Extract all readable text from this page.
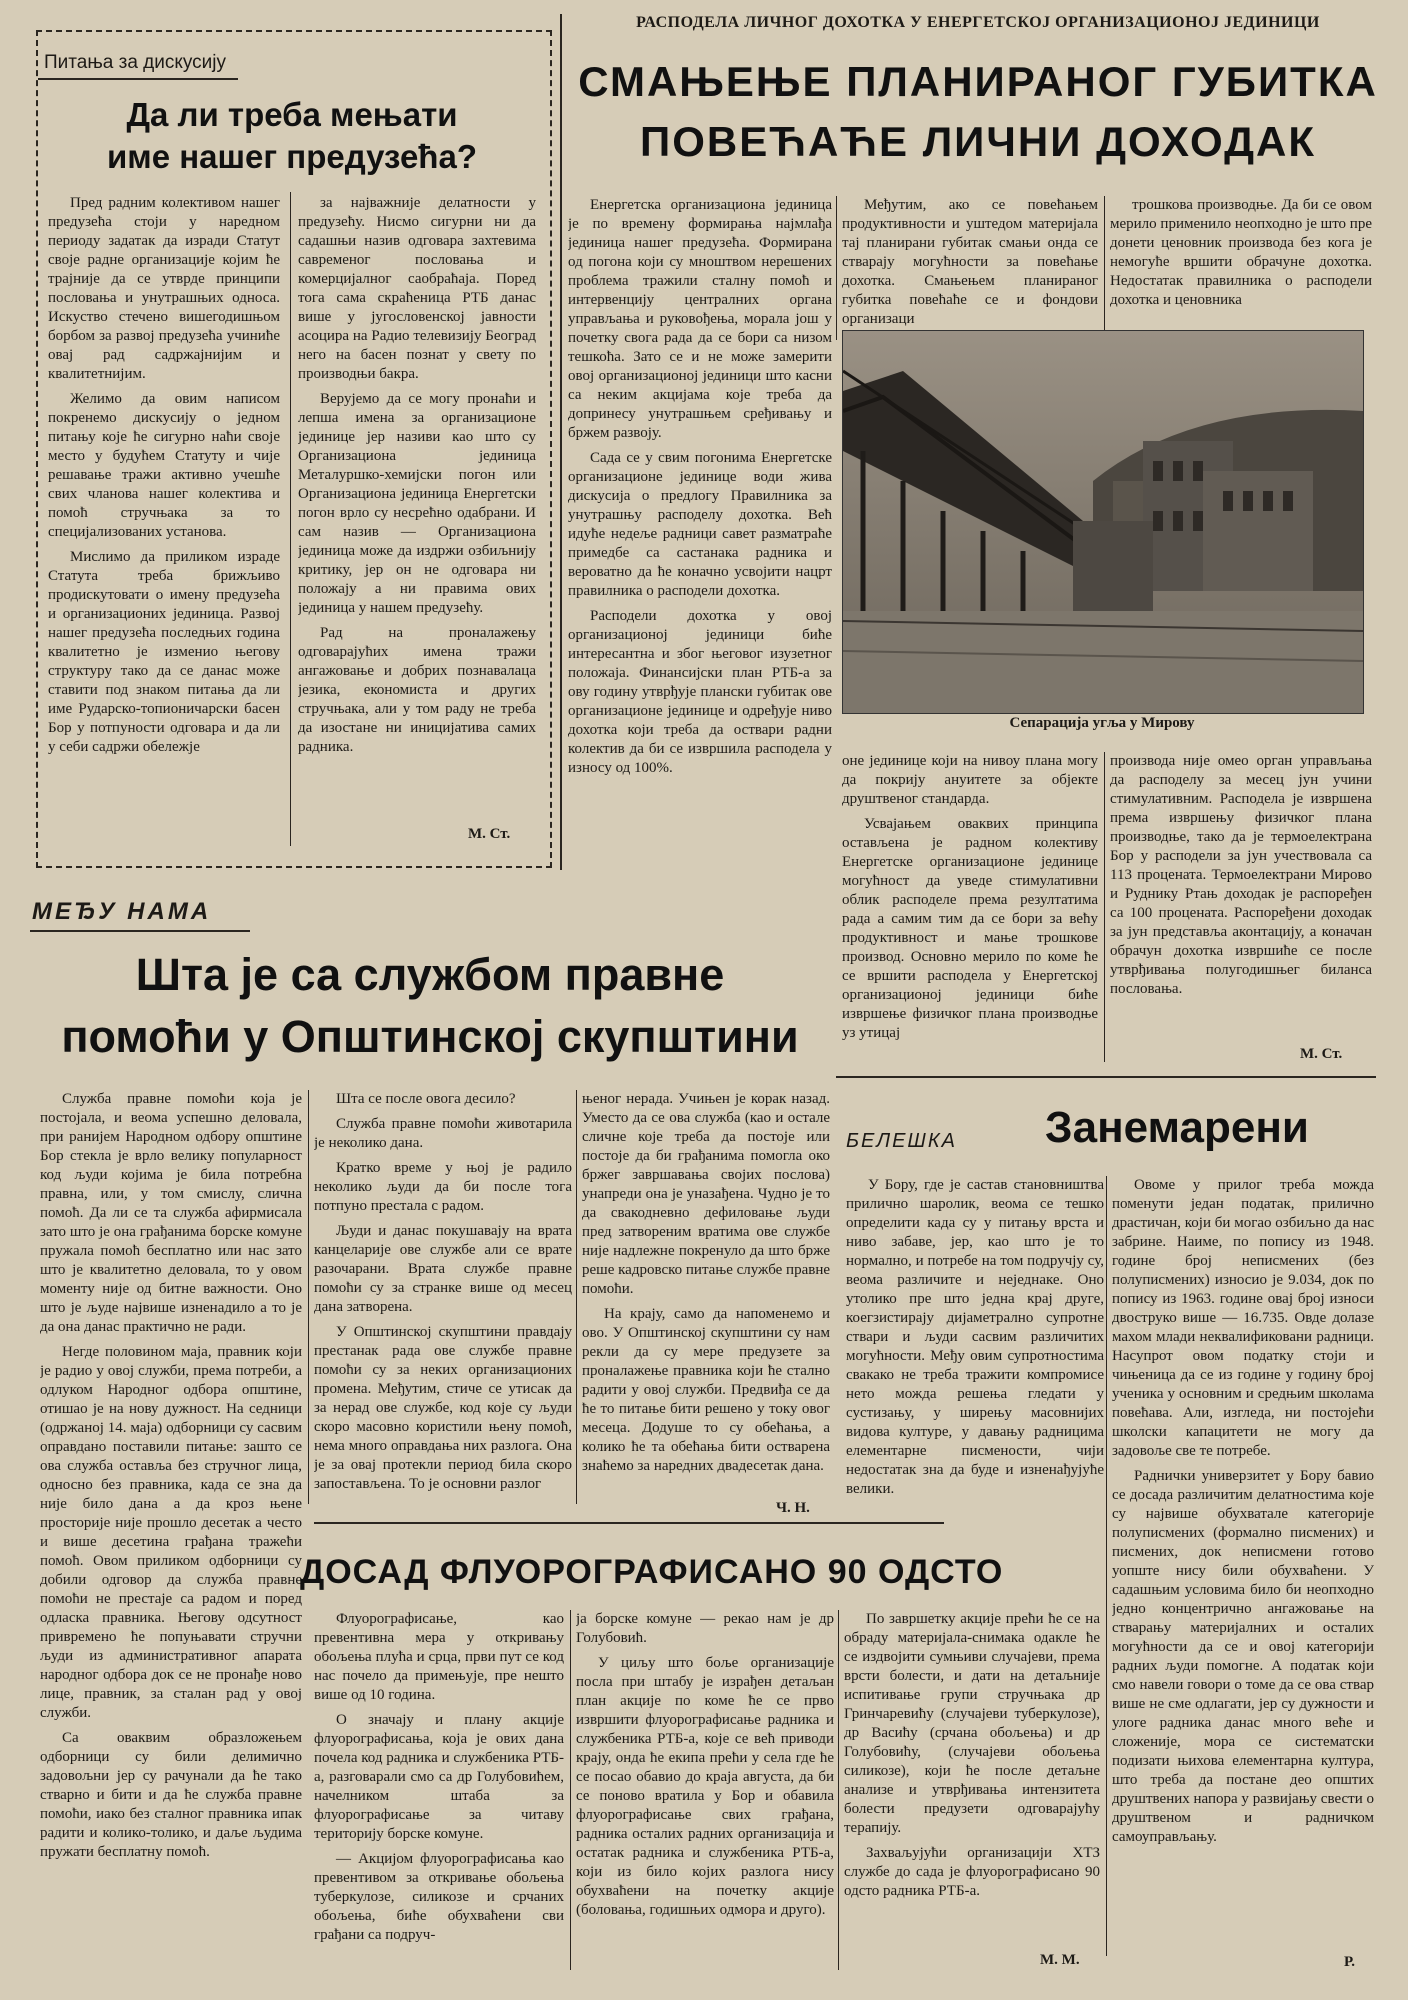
Питања за дискусију
Да ли треба мењати
име нашег предузећа?

Пред радним колективом нашег предузећа стоји у наредном периоду задатак да изради Статут своје радне организације којим ће трајније да се утврде принципи пословања и унутрашњих односа. Искуство стечено вишегодишњом борбом за развој предузећа учиниће овај рад садржајнијим и квалитетнијим.

Желимо да овим написом покренемо дискусију о једном питању које ће сигурно наћи своје место у будућем Статуту и чије решавање тражи активно учешће свих чланова нашег колектива и помоћ стручњака за то специјализованих установа.

Мислимо да приликом израде Статута треба брижљиво продискутовати о имену предузећа и организационих јединица. Развој нашег предузећа последњих година квалитетно је изменио његову структуру тако да се данас може ставити под знаком питања да ли име Рударско-топионичарски басен Бор у потпуности одговара и да ли у себи садржи обележје

за најважније делатности у предузећу. Нисмо сигурни ни да садашњи назив одговара захтевима савременог пословања и комерцијалног саобраћаја. Поред тога сама скраћеница РТБ данас више у југословенској јавности асоцира на Радио телевизију Београд него на басен познат у свету по производњи бакра.

Верујемо да се могу пронаћи и лепша имена за организационе јединице јер називи као што су Организациона јединица Металуршко-хемијски погон или Организациона јединица Енергетски погон врло су несрећно одабрани. И сам назив — Организациона јединица може да издржи озбиљнију критику, јер он не одговара ни положају а ни правима ових јединица у нашем предузећу.

Рад на проналажењу одговарајућих имена тражи ангажовање и добрих познавалаца језика, економиста и других стручњака, али у том раду не треба да изостане ни иницијатива самих радника.

М. Ст.
РАСПОДЕЛА ЛИЧНОГ ДОХОТКА У ЕНЕРГЕТСКОЈ ОРГАНИЗАЦИОНОЈ ЈЕДИНИЦИ
СМАЊЕЊЕ ПЛАНИРАНОГ ГУБИТКА
ПОВЕЋАЋЕ ЛИЧНИ ДОХОДАК

Енергетска организациона јединица је по времену формирања најмлађа јединица нашег предузећа. Формирана од погона који су мноштвом нерешених проблема тражили сталну помоћ и интервенцију централних органа управљања и руковођења, морала још у почетку свога рада да се бори са низом тешкоћа. Зато се и не може замерити овој организационој јединици што касни са неким акцијама које треба да допринесу унутрашњем сређивању и бржем развоју.

Сада се у свим погонима Енергетске организационе јединице води жива дискусија о предлогу Правилника за унутрашњу расподелу дохотка. Већ идуће недеље радници савет разматраће примедбе са састанака радника и вероватно да ће коначно усвојити нацрт правилника о расподели дохотка.

Расподели дохотка у овој организационој јединици биће интересантна и због његовог изузетног положаја. Финансијски план РТБ-а за ову годину утврђује плански губитак ове организационе јединице и одређује ниво дохотка који треба да оствари радни колектив да би се извршила расподела у износу од 100%.

Међутим, ако се повећањем продуктивности и уштедом материјала тај планирани губитак смањи онда се стварају могућности за повећање дохотка. Смањењем планираног губитка повећаће се и фондови организаци

трошкова производње. Да би се овом мерило применило неопходно је што пре донети ценовник производа без кога је немогуће вршити обрачуне дохотка. Недостатак правилника о расподели дохотка и ценовника

Сепарација угља у Мирову

оне јединице који на нивоу плана могу да покрију ануитете за објекте друштвеног стандарда.

Усвајањем оваквих принципа остављена је радном колективу Енергетске организационе јединице могућност да уведе стимулативни облик расподеле према резултатима рада а самим тим да се бори за већу продуктивност и мање трошкове производ. Основно мерило по коме ће се вршити расподела у Енергетској организационој јединици биће извршење физичког плана производње уз утицај

производа није омео орган управљања да расподелу за месец јун учини стимулативним. Расподела је извршена према извршењу физичког плана производње, тако да је термоелектрана Бор у расподели за јун учествовала са 113 процената. Термоелектрани Мирово и Руднику Ртањ доходак је распоређен са 100 процената. Распоређени доходак за јун представља аконтацију, а коначан обрачун дохотка извршиће се после утврђивања полугодишњег биланса пословања.

М. Ст.
МЕЂУ НАМА
Шта је са службом правне
помоћи у Општинској скупштини

Служба правне помоћи која је постојала, и веома успешно деловала, при ранијем Народном одбору општине Бор стекла је врло велику популарност код људи којима је била потребна правна, или, у том смислу, слична помоћ. Да ли се та служба афирмисала зато што је она грађанима борске комуне пружала помоћ бесплатно или нас зато што је квалитетно деловала, то у овом моменту није од битне важности. Оно што је људе највише изненадило а то је да она данас практично не ради.

Негде половином маја, правник који је радио у овој служби, према потреби, а одлуком Народног одбора општине, отишао је на нову дужност. На седници (одржаној 14. маја) одборници су сасвим оправдано поставили питање: зашто се ова служба оставља без стручног лица, односно без правника, када се зна да није било дана а да кроз њене просторије није прошло десетак а често и више десетина грађана тражећи помоћ. Овом приликом одборници су добили одговор да служба правне помоћи не престаје са радом и поред одласка правника. Његову одсутност привремено ће попуњавати стручни људи из административног апарата народног одбора док се не пронађе ново лице, правник, за сталан рад у овој служби.

Са оваквим образложењем одборници су били делимично задовољни јер су рачунали да ће тако стварно и бити и да ће служба правне помоћи, иако без сталног правника ипак радити и колико-толико, и даље људима пружати бесплатну помоћ.

Шта се после овога десило?

Служба правне помоћи животарила је неколико дана.

Кратко време у њој је радило неколико људи да би после тога потпуно престала с радом.

Људи и данас покушавају на врата канцеларије ове службе али се врате разочарани. Врата службе правне помоћи су за странке више од месец дана затворена.

У Општинској скупштини правдају престанак рада ове службе правне помоћи су за неких организационих промена. Међутим, стиче се утисак да за нерад ове службе, код које су људи скоро масовно користили њену помоћ, нема много оправдања них разлога. Она је за овај протекли период била скоро запостављена. То је основни разлог

њеног нерада. Учињен је корак назад. Уместо да се ова служба (као и остале сличне које треба да постоје или постоје да би грађанима помогла око бржег завршавања својих послова) унапреди она је уназађена. Чудно је то да свакодневно дефиловање људи пред затвореним вратима ове службе није надлежне покренуло да што брже реше кадровско питање службе правне помоћи.

На крају, само да напоменемо и ово. У Општинској скупштини су нам рекли да су мере предузете за проналажење правника који ће стално радити у овој служби. Предвиђа се да ће то питање бити решено у току овог месеца. Додуше то су обећања, а колико ће та обећања бити остварена знаћемо за наредних двадесетак дана.

Ч. Н.
БЕЛЕШКА	Занемарени

У Бору, где је састав становништва прилично шаролик, веома се тешко определити када су у питању врста и ниво забаве, јер, као што је то нормално, и потребе на том подручју су, веома различите и неједнаке. Оно утолико пре што једна крај друге, коегзистирају дијаметрално супротне ствари и људи сасвим различитих могућности. Међу овим супротностима свакако не треба тражити компромисе нето можда решења гледати у сустизању, у ширењу масовнијих видова културе, у давању радницима елементарне писмености, чији недостатак зна да буде и изненађујуће велики.

Овоме у прилог треба можда поменути један податак, прилично драстичан, који би могао озбиљно да нас забрине. Наиме, по попису из 1948. године број неписмених (без полуписмених) износио је 9.034, док по попису из 1963. године овај број износи двоструко више — 16.735. Овде долазе махом млади неквалификовани радници. Насупрот овом податку стоји и чињеница да се из године у годину број ученика у основним и средњим школама повећава. Али, изгледа, ни постојећи школски капацитети не могу да задовоље све те потребе.

Раднички универзитет у Бору бавио се досада различитим делатностима које су највише обухватале категорије полуписмених (формално писмених) и писмених, док неписмени готово уопште нису били обухваћени. У садашњим условима било би неопходно једно концентрично ангажовање на стварању материјалних и осталих могућности да се и овој категорији радних људи помогне. А податак који смо навели говори о томе да се ова ствар више не сме одлагати, јер су дужности и улоге радника данас много веће и сложеније, мора се систематски подизати њихова елементарна култура, што треба да постане део општих друштвених напора у развијању свести о друштвеном и радничком самоуправљању.

Р.
ДОСАД ФЛУОРОГРАФИСАНО 90 ОДСТО

Флуорографисање, као превентивна мера у откривању обољења плућа и срца, први пут се код нас почело да примењује, пре нешто више од 10 година.

О значају и плану акције флуорографисања, која је ових дана почела код радника и службеника РТБ-а, разговарали смо са др Голубовићем, начелником штаба за флуорографисање за читаву територију борске комуне.

— Акцијом флуорографисања као превентивом за откривање обољења туберкулозе, силикозе и срчаних обољења, биће обухваћени сви грађани са подруч-

ја борске комуне — рекао нам је др Голубовић.

У циљу што боље организације посла при штабу је израђен детаљан план акције по коме ће се прво извршити флуорографисање радника и службеника РТБ-а, које се већ приводи крају, онда ће екипа прећи у села где ће се посао обавио до краја августа, да би се поново вратила у Бор и обавила флуорографисање свих грађана, радника осталих радних организација и остатак радника и службеника РТБ-а, који из било којих разлога нису обухваћени на почетку акције (боловања, годишњих одмора и друго).

По завршетку акције прећи ће се на обраду материјала-снимака одакле ће се издвојити сумњиви случајеви, према врсти болести, и дати на детаљније испитивање групи стручњака др Гринчаревићу (случајеви туберкулозе), др Васићу (срчана обољења) и др Голубовићу, (случајеви обољења силикозе), који ће после детаљне анализе и утврђивања интензитета болести предузети одговарајућу терапију.

Захваљујући организацији ХТЗ службе до сада је флуорографисано 90 одсто радника РТБ-а.

М. М.
